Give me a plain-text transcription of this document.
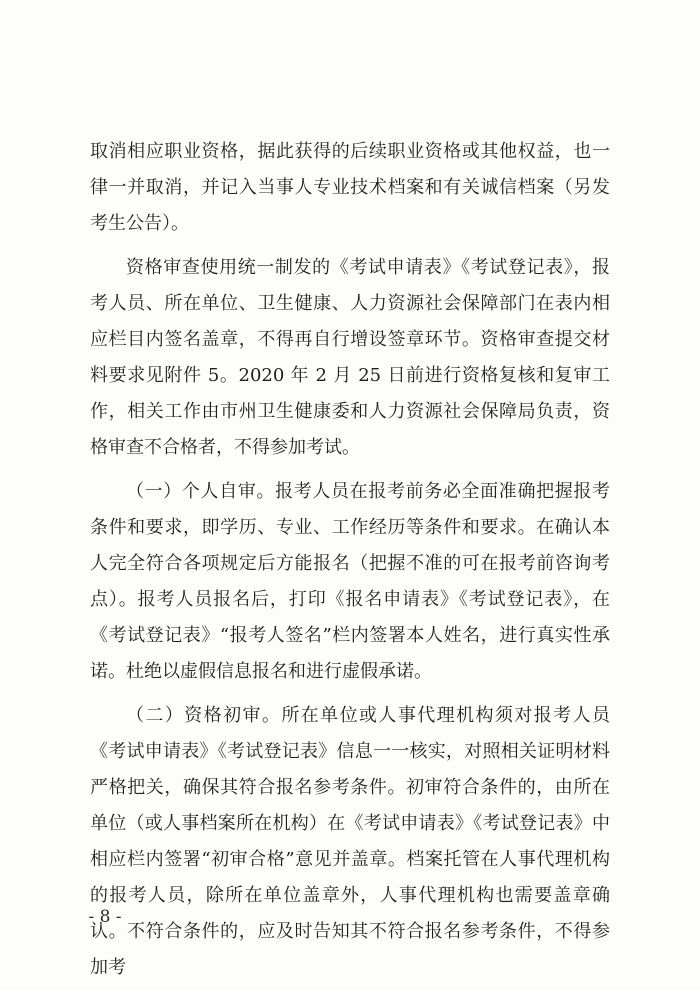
取消相应职业资格，据此获得的后续职业资格或其他权益，也一律一并取消，并记入当事人专业技术档案和有关诚信档案（另发考生公告）。

资格审查使用统一制发的《考试申请表》《考试登记表》，报考人员、所在单位、卫生健康、人力资源社会保障部门在表内相应栏目内签名盖章，不得再自行增设签章环节。资格审查提交材料要求见附件 5。2020 年 2 月 25 日前进行资格复核和复审工作，相关工作由市州卫生健康委和人力资源社会保障局负责，资格审查不合格者，不得参加考试。

（一）个人自审。报考人员在报考前务必全面准确把握报考条件和要求，即学历、专业、工作经历等条件和要求。在确认本人完全符合各项规定后方能报名（把握不准的可在报考前咨询考点）。报考人员报名后，打印《报名申请表》《考试登记表》，在《考试登记表》“报考人签名”栏内签署本人姓名，进行真实性承诺。杜绝以虚假信息报名和进行虚假承诺。

（二）资格初审。所在单位或人事代理机构须对报考人员《考试申请表》《考试登记表》信息一一核实，对照相关证明材料严格把关，确保其符合报名参考条件。初审符合条件的，由所在单位（或人事档案所在机构）在《考试申请表》《考试登记表》中相应栏内签署“初审合格”意见并盖章。档案托管在人事代理机构的报考人员，除所在单位盖章外，人事代理机构也需要盖章确认。不符合条件的，应及时告知其不符合报名参考条件，不得参加考

- 8 -
